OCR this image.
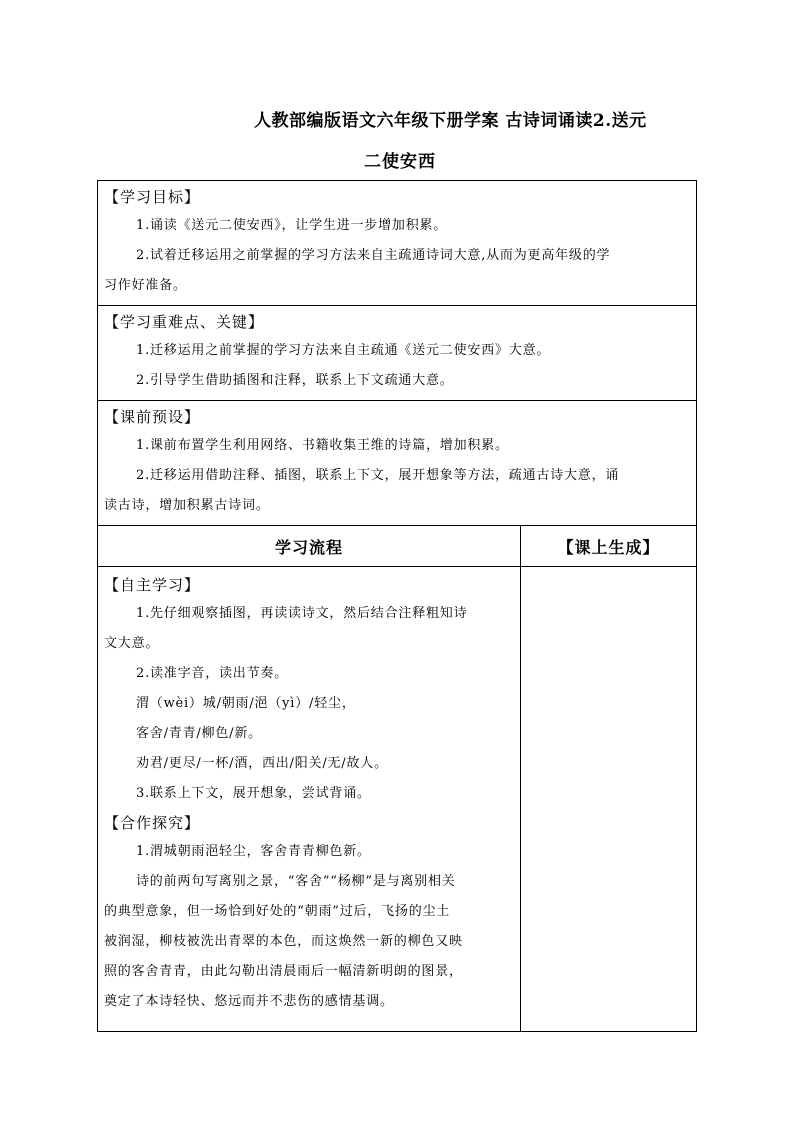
人教部编版语文六年级下册学案 古诗词诵读2.送元
二使安西
【学习目标】
1.诵读《送元二使安西》，让学生进一步增加积累。
2.试着迁移运用之前掌握的学习方法来自主疏通诗词大意,从而为更高年级的学
习作好准备。
【学习重难点、关键】
1.迁移运用之前掌握的学习方法来自主疏通《送元二使安西》大意。
2.引导学生借助插图和注释，联系上下文疏通大意。
【课前预设】
1.课前布置学生利用网络、书籍收集王维的诗篇，增加积累。
2.迁移运用借助注释、插图，联系上下文，展开想象等方法，疏通古诗大意，诵
读古诗，增加积累古诗词。
学习流程	【课上生成】
【自主学习】
1.先仔细观察插图，再读读诗文，然后结合注释粗知诗
文大意。
2.读准字音，读出节奏。
渭（wèi）城/朝雨/浥（yì）/轻尘，
客舍/青青/柳色/新。
劝君/更尽/一杯/酒，西出/阳关/无/故人。
3.联系上下文，展开想象，尝试背诵。
【合作探究】
1.渭城朝雨浥轻尘，客舍青青柳色新。
诗的前两句写离别之景，“客舍”“杨柳”是与离别相关
的典型意象，但一场恰到好处的“朝雨”过后，飞扬的尘土
被润湿，柳枝被洗出青翠的本色，而这焕然一新的柳色又映
照的客舍青青，由此勾勒出清晨雨后一幅清新明朗的图景，
奠定了本诗轻快、悠远而并不悲伤的感情基调。
